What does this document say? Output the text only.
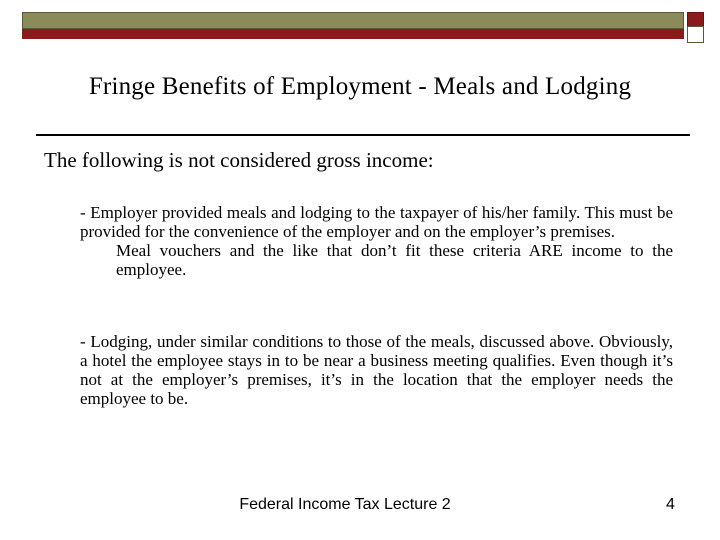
Fringe Benefits of Employment - Meals and Lodging
The following is not considered gross income:
- Employer provided meals and lodging to the taxpayer of his/her family. This must be provided for the convenience of the employer and on the employer’s premises.
Meal vouchers and the like that don’t fit these criteria ARE income to the employee.
- Lodging, under similar conditions to those of the meals, discussed above. Obviously, a hotel the employee stays in to be near a business meeting qualifies. Even though it’s not at the employer’s premises, it’s in the location that the employer needs the employee to be.
Federal Income Tax Lecture 2	4
